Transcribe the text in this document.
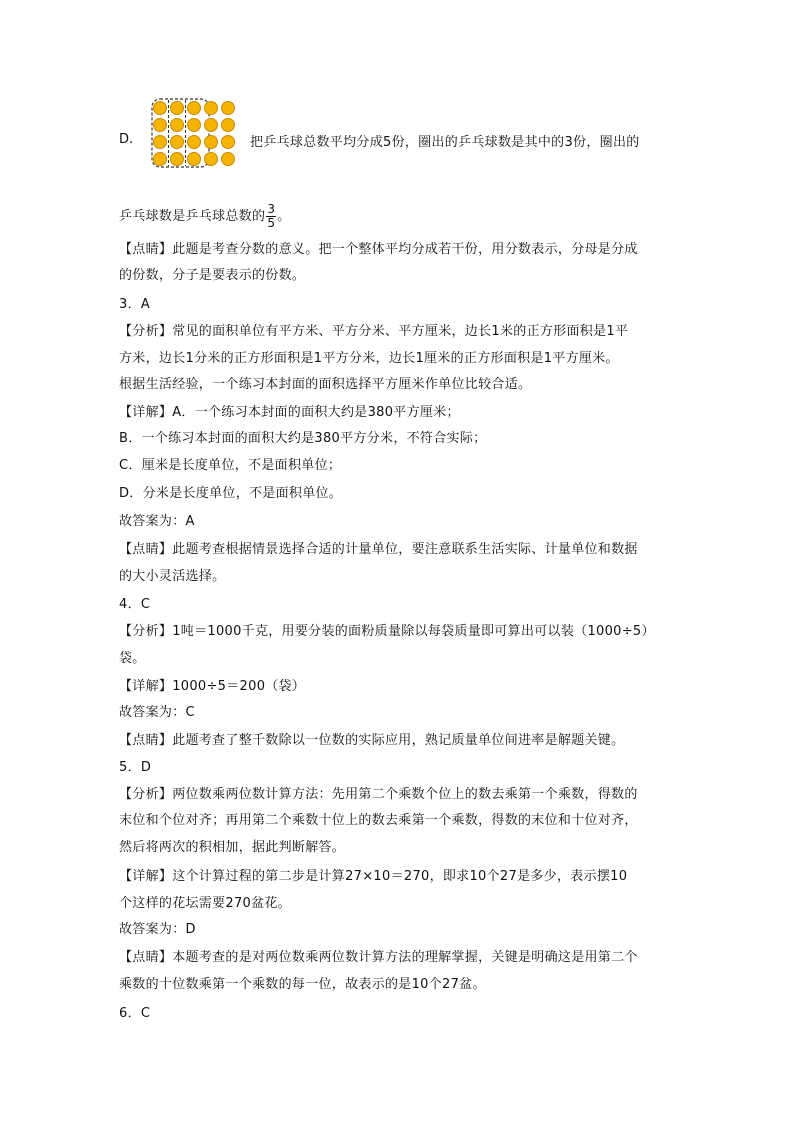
D.	把乒乓球总数平均分成5份，圈出的乒乓球数是其中的3份，圈出的
乒乓球数是乒乓球总数的 $\frac{3}{5}$ 。
【点睛】此题是考查分数的意义。把一个整体平均分成若干份，用分数表示，分母是分成
的份数，分子是要表示的份数。
3．A
【分析】常见的面积单位有平方米、平方分米、平方厘米，边长1米的正方形面积是1平
方米，边长1分米的正方形面积是1平方分米，边长1厘米的正方形面积是1平方厘米。
根据生活经验，一个练习本封面的面积选择平方厘米作单位比较合适。
【详解】A．一个练习本封面的面积大约是380平方厘米；
B．一个练习本封面的面积大约是380平方分米，不符合实际；
C．厘米是长度单位，不是面积单位；
D．分米是长度单位，不是面积单位。
故答案为：A
【点睛】此题考查根据情景选择合适的计量单位，要注意联系生活实际、计量单位和数据
的大小灵活选择。
4．C
【分析】1吨＝1000千克，用要分装的面粉质量除以每袋质量即可算出可以装（1000÷5）
袋。
【详解】1000÷5＝200（袋）
故答案为：C
【点睛】此题考查了整千数除以一位数的实际应用，熟记质量单位间进率是解题关键。
5．D
【分析】两位数乘两位数计算方法：先用第二个乘数个位上的数去乘第一个乘数，得数的
末位和个位对齐；再用第二个乘数十位上的数去乘第一个乘数，得数的末位和十位对齐，
然后将两次的积相加，据此判断解答。
【详解】这个计算过程的第二步是计算27×10＝270，即求10个27是多少，表示摆10
个这样的花坛需要270盆花。
故答案为：D
【点睛】本题考查的是对两位数乘两位数计算方法的理解掌握，关键是明确这是用第二个
乘数的十位数乘第一个乘数的每一位，故表示的是10个27盆。
6．C
